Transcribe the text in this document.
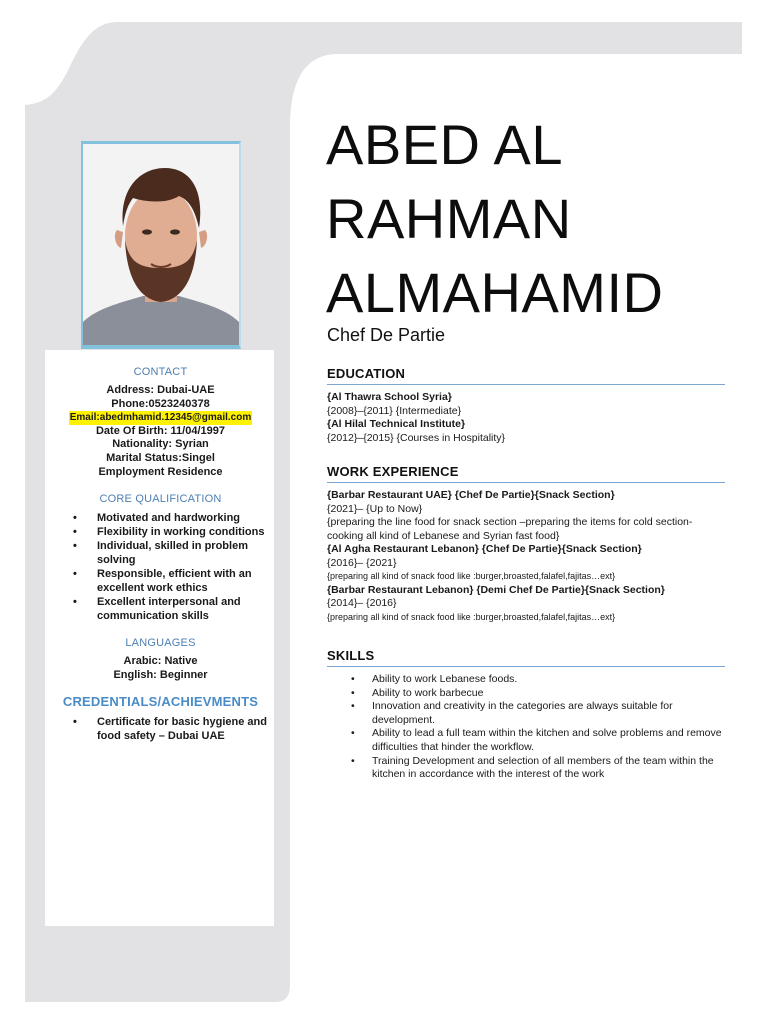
CONTACT
Address: Dubai-UAE
Phone:0523240378
Email:abedmhamid.12345@gmail.com
Date Of Birth: 11/04/1997
Nationality: Syrian
Marital Status:Singel
Employment Residence
CORE QUALIFICATION
• Motivated and hardworking
• Flexibility in working conditions
• Individual, skilled in problem solving
• Responsible, efficient with an excellent work ethics
• Excellent interpersonal and communication skills
LANGUAGES
Arabic: Native
English: Beginner
CREDENTIALS/ACHIEVMENTS
• Certificate for basic hygiene and food safety – Dubai UAE
ABED AL
RAHMAN
ALMAHAMID
Chef De Partie
EDUCATION
{Al Thawra School Syria}
{2008}–{2011} {Intermediate}
{Al Hilal Technical Institute}
{2012}–{2015} {Courses in Hospitality}
WORK EXPERIENCE
{Barbar Restaurant UAE} {Chef De Partie}{Snack Section}
{2021}– {Up to Now}
{preparing the line food for snack section –preparing the items for cold section-cooking all kind of Lebanese and Syrian fast food}
{Al Agha Restaurant Lebanon} {Chef De Partie}{Snack Section}
{2016}– {2021}
{preparing all kind of snack food like :burger,broasted,falafel,fajitas…ext}
{Barbar Restaurant Lebanon} {Demi Chef De Partie}{Snack Section}
{2014}– {2016}
{preparing all kind of snack food like :burger,broasted,falafel,fajitas…ext}
SKILLS
• Ability to work Lebanese foods.
• Ability to work barbecue
• Innovation and creativity in the categories are always suitable for development.
• Ability to lead a full team within the kitchen and solve problems and remove difficulties that hinder the workflow.
• Training Development and selection of all members of the team within the kitchen in accordance with the interest of the work
